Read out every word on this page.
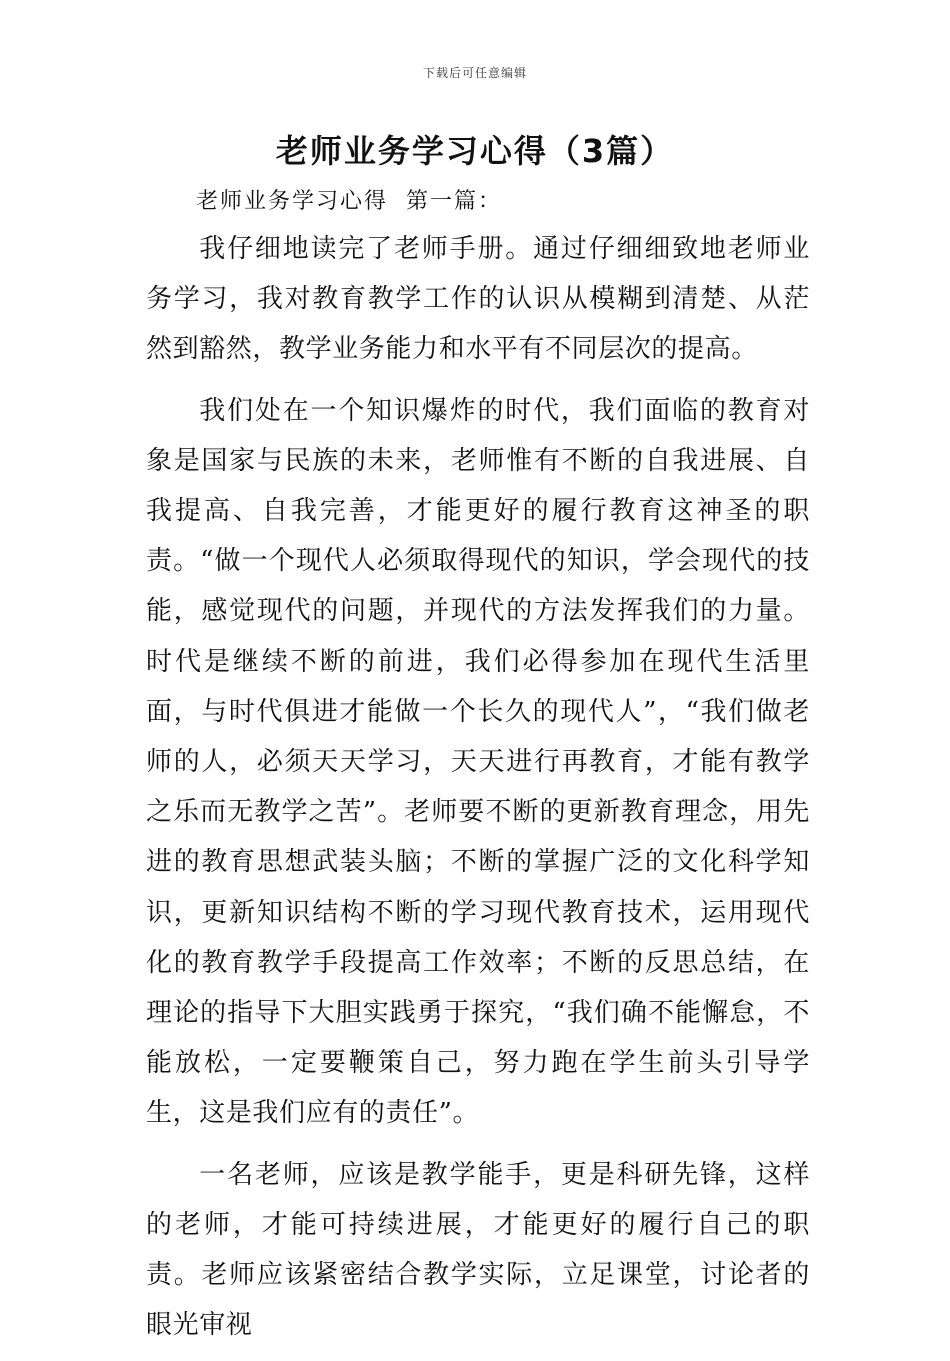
下载后可任意编辑
老师业务学习心得（3篇）
老师业务学习心得  第一篇：

我仔细地读完了老师手册。通过仔细细致地老师业务学习，我对教育教学工作的认识从模糊到清楚、从茫然到豁然，教学业务能力和水平有不同层次的提高。

我们处在一个知识爆炸的时代，我们面临的教育对象是国家与民族的未来，老师惟有不断的自我进展、自我提高、自我完善，才能更好的履行教育这神圣的职责。“做一个现代人必须取得现代的知识，学会现代的技能，感觉现代的问题，并现代的方法发挥我们的力量。时代是继续不断的前进，我们必得参加在现代生活里面，与时代俱进才能做一个长久的现代人”，“我们做老师的人，必须天天学习，天天进行再教育，才能有教学之乐而无教学之苦”。老师要不断的更新教育理念，用先进的教育思想武装头脑；不断的掌握广泛的文化科学知识，更新知识结构不断的学习现代教育技术，运用现代化的教育教学手段提高工作效率；不断的反思总结，在理论的指导下大胆实践勇于探究，“我们确不能懈怠，不能放松，一定要鞭策自己，努力跑在学生前头引导学生，这是我们应有的责任”。

一名老师，应该是教学能手，更是科研先锋，这样的老师，才能可持续进展，才能更好的履行自己的职责。老师应该紧密结合教学实际，立足课堂，讨论者的眼光审视
